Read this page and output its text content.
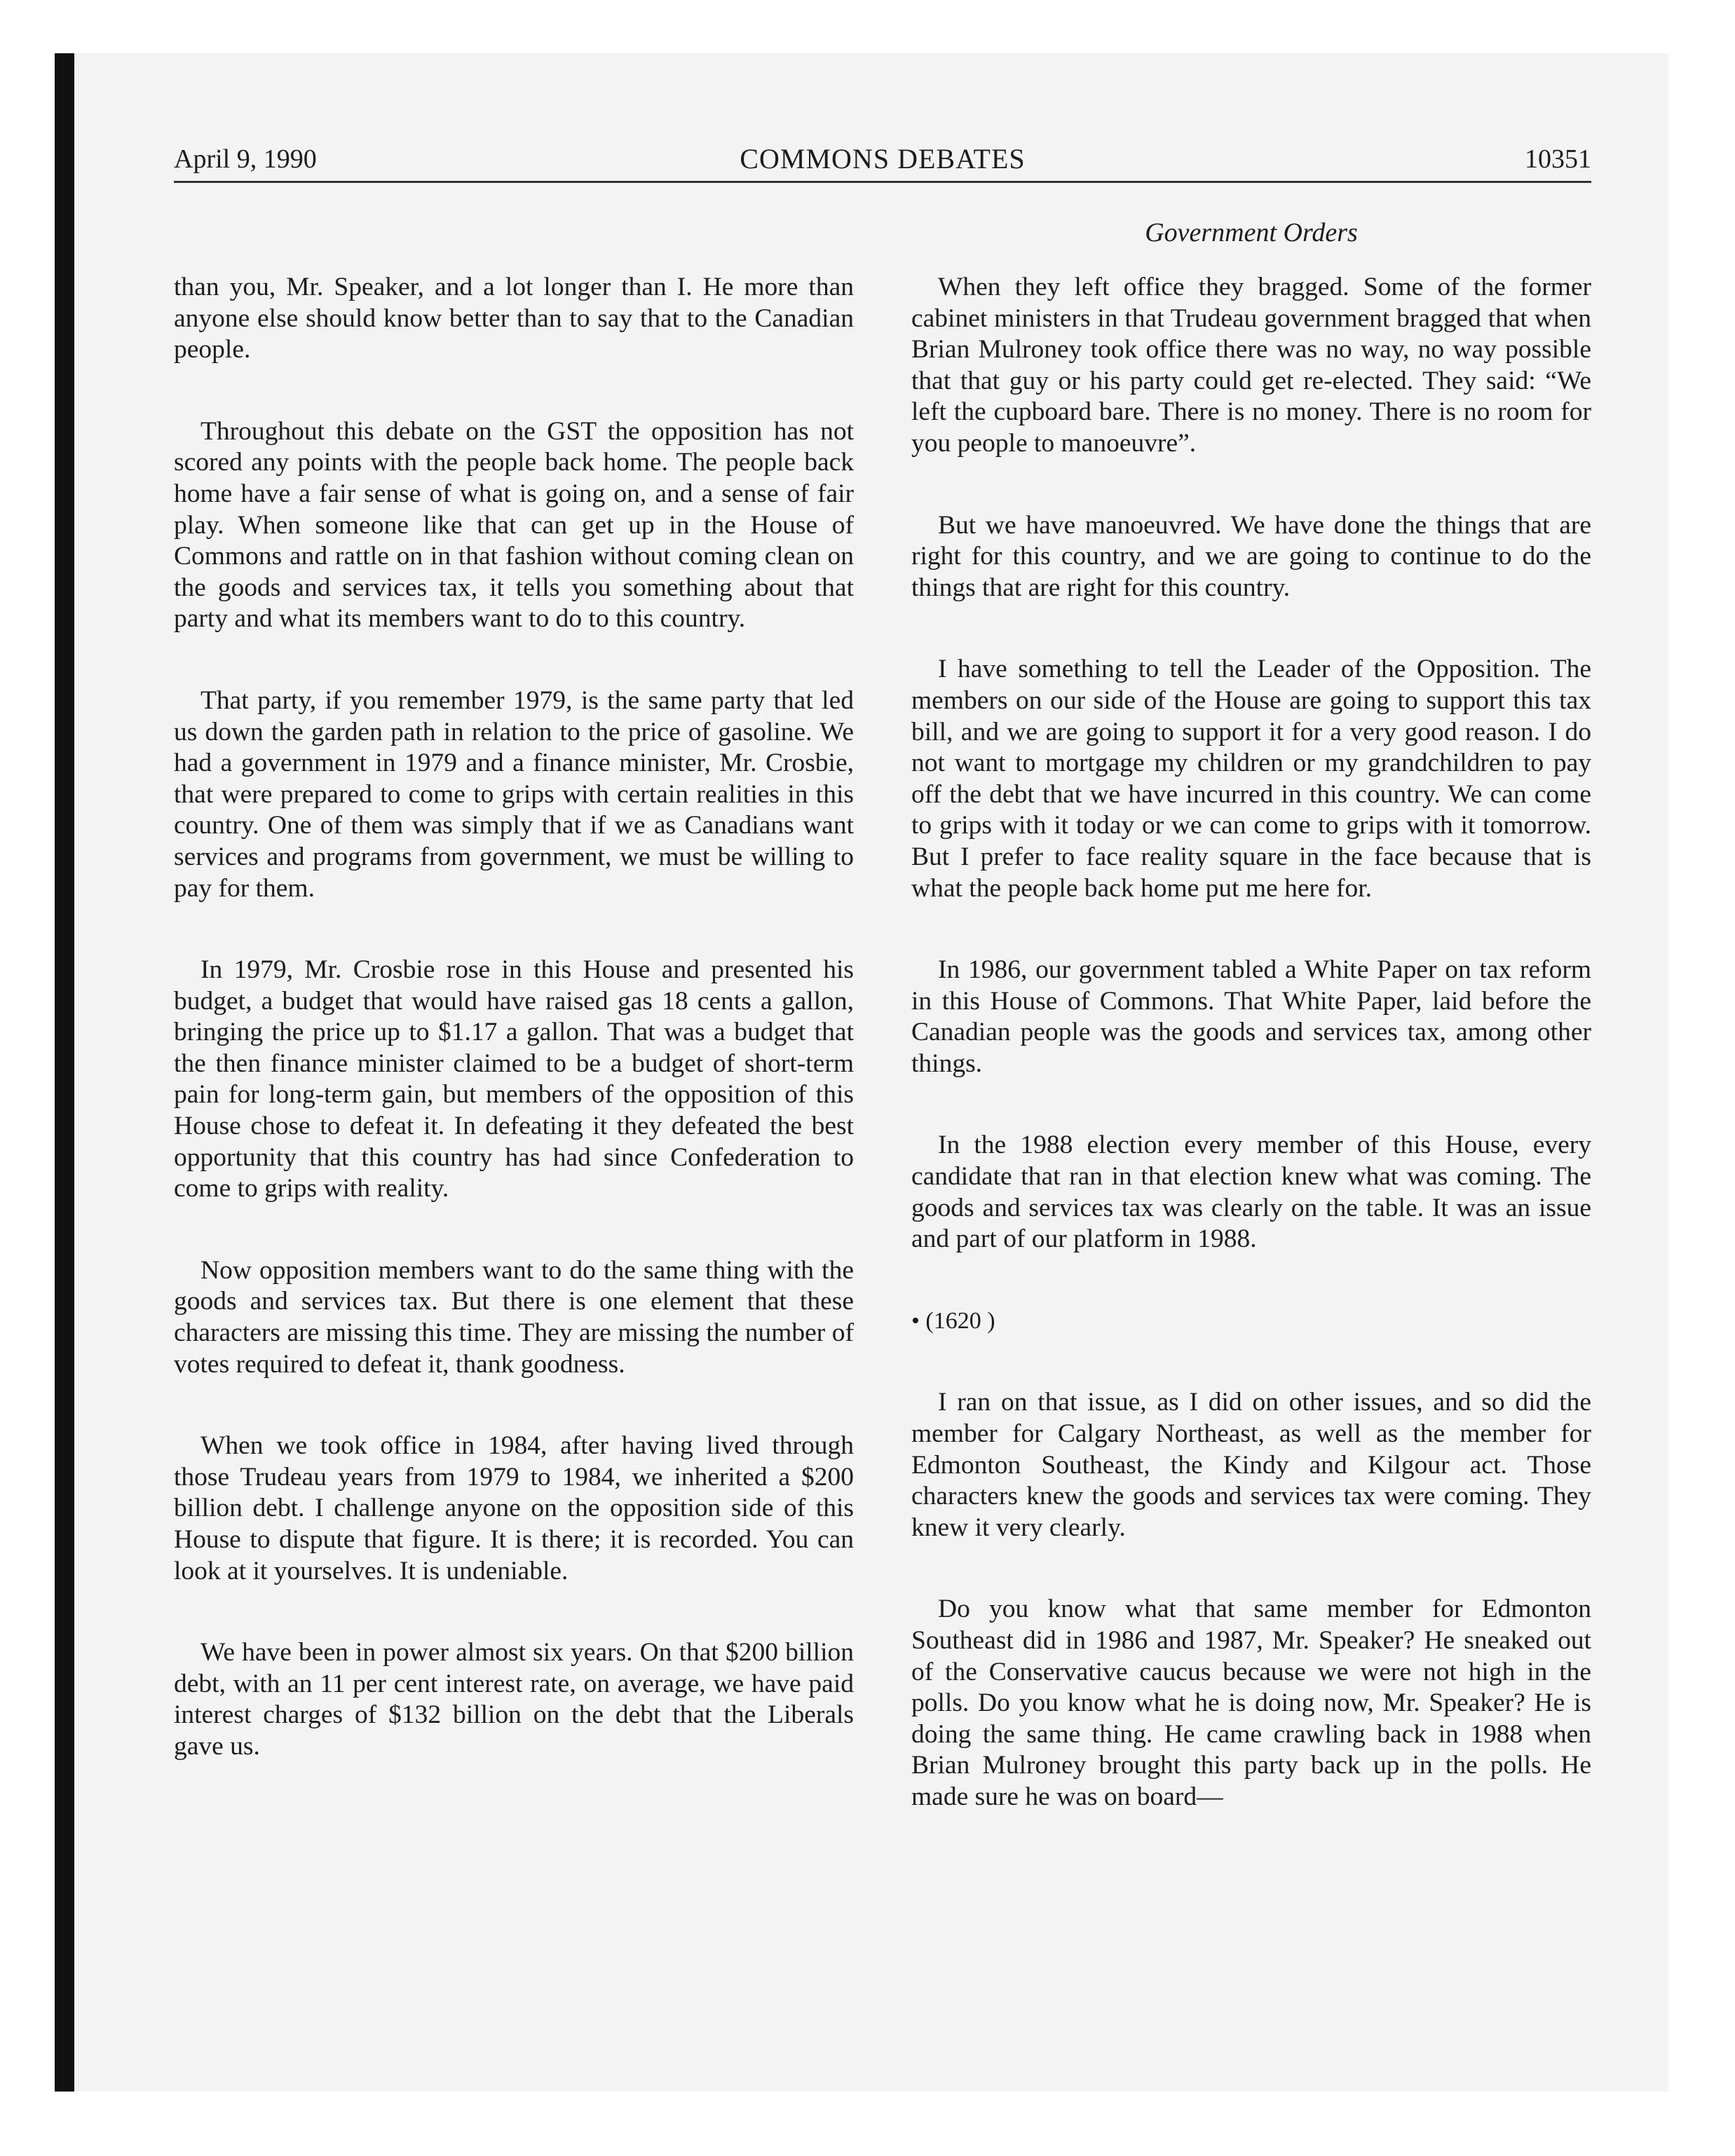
April 9, 1990	COMMONS DEBATES	10351
Government Orders

than you, Mr. Speaker, and a lot longer than I. He more than anyone else should know better than to say that to the Canadian people.

Throughout this debate on the GST the opposition has not scored any points with the people back home. The people back home have a fair sense of what is going on, and a sense of fair play. When someone like that can get up in the House of Commons and rattle on in that fashion without coming clean on the goods and services tax, it tells you something about that party and what its members want to do to this country.

That party, if you remember 1979, is the same party that led us down the garden path in relation to the price of gasoline. We had a government in 1979 and a finance minister, Mr. Crosbie, that were prepared to come to grips with certain realities in this country. One of them was simply that if we as Canadians want services and programs from government, we must be willing to pay for them.

In 1979, Mr. Crosbie rose in this House and presented his budget, a budget that would have raised gas 18 cents a gallon, bringing the price up to $1.17 a gallon. That was a budget that the then finance minister claimed to be a budget of short-term pain for long-term gain, but members of the opposition of this House chose to defeat it. In defeating it they defeated the best opportunity that this country has had since Confederation to come to grips with reality.

Now opposition members want to do the same thing with the goods and services tax. But there is one element that these characters are missing this time. They are missing the number of votes required to defeat it, thank goodness.

When we took office in 1984, after having lived through those Trudeau years from 1979 to 1984, we inherited a $200 billion debt. I challenge anyone on the opposition side of this House to dispute that figure. It is there; it is recorded. You can look at it yourselves. It is undeniable.

We have been in power almost six years. On that $200 billion debt, with an 11 per cent interest rate, on average, we have paid interest charges of $132 billion on the debt that the Liberals gave us.

When they left office they bragged. Some of the former cabinet ministers in that Trudeau government bragged that when Brian Mulroney took office there was no way, no way possible that that guy or his party could get re-elected. They said: “We left the cupboard bare. There is no money. There is no room for you people to manoeuvre”.

But we have manoeuvred. We have done the things that are right for this country, and we are going to continue to do the things that are right for this country.

I have something to tell the Leader of the Opposition. The members on our side of the House are going to support this tax bill, and we are going to support it for a very good reason. I do not want to mortgage my children or my grandchildren to pay off the debt that we have incurred in this country. We can come to grips with it today or we can come to grips with it tomorrow. But I prefer to face reality square in the face because that is what the people back home put me here for.

In 1986, our government tabled a White Paper on tax reform in this House of Commons. That White Paper, laid before the Canadian people was the goods and services tax, among other things.

In the 1988 election every member of this House, every candidate that ran in that election knew what was coming. The goods and services tax was clearly on the table. It was an issue and part of our platform in 1988.

• (1620 )

I ran on that issue, as I did on other issues, and so did the member for Calgary Northeast, as well as the member for Edmonton Southeast, the Kindy and Kilgour act. Those characters knew the goods and services tax were coming. They knew it very clearly.

Do you know what that same member for Edmonton Southeast did in 1986 and 1987, Mr. Speaker? He sneaked out of the Conservative caucus because we were not high in the polls. Do you know what he is doing now, Mr. Speaker? He is doing the same thing. He came crawling back in 1988 when Brian Mulroney brought this party back up in the polls. He made sure he was on board—
